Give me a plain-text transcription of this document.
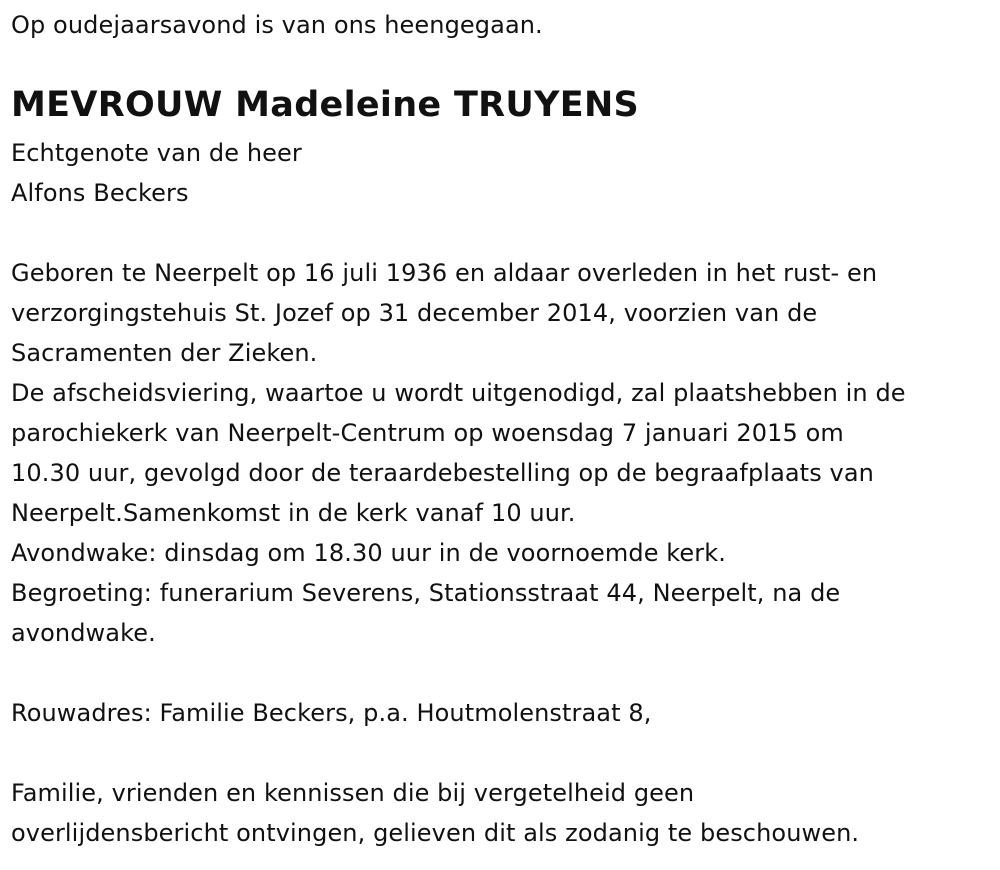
Op oudejaarsavond is van ons heengegaan.

MEVROUW Madeleine TRUYENS

Echtgenote van de heer

Alfons Beckers

Geboren te Neerpelt op 16 juli 1936 en aldaar overleden in het rust- en

verzorgingstehuis St. Jozef op 31 december 2014, voorzien van de

Sacramenten der Zieken.

De afscheidsviering, waartoe u wordt uitgenodigd, zal plaatshebben in de

parochiekerk van Neerpelt-Centrum op woensdag 7 januari 2015 om

10.30 uur, gevolgd door de teraardebestelling op de begraafplaats van

Neerpelt.Samenkomst in de kerk vanaf 10 uur.

Avondwake: dinsdag om 18.30 uur in de voornoemde kerk.

Begroeting: funerarium Severens, Stationsstraat 44, Neerpelt, na de

avondwake.

Rouwadres: Familie Beckers, p.a. Houtmolenstraat 8,

Familie, vrienden en kennissen die bij vergetelheid geen

overlijdensbericht ontvingen, gelieven dit als zodanig te beschouwen.
